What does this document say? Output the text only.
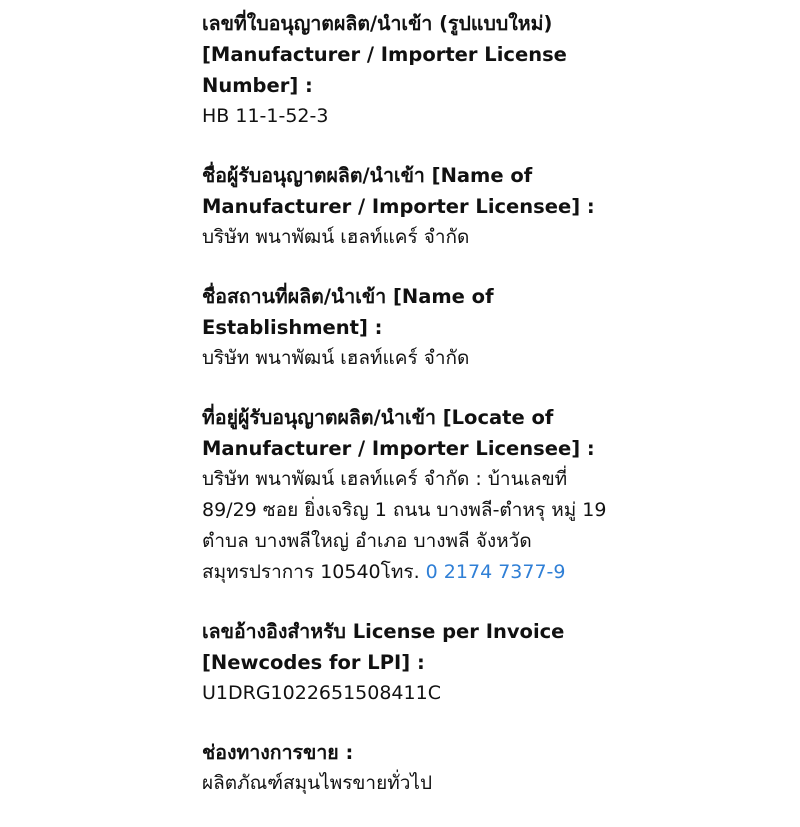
เลขที่ใบอนุญาตผลิต/นำเข้า (รูปแบบใหม่)

[Manufacturer / Importer License

Number] :

HB 11-1-52-3

ชื่อผู้รับอนุญาตผลิต/นำเข้า [Name of

Manufacturer / Importer Licensee] :

บริษัท พนาพัฒน์ เฮลท์แคร์ จำกัด

ชื่อสถานที่ผลิต/นำเข้า [Name of

Establishment] :

บริษัท พนาพัฒน์ เฮลท์แคร์ จำกัด

ที่อยู่ผู้รับอนุญาตผลิต/นำเข้า [Locate of

Manufacturer / Importer Licensee] :

บริษัท พนาพัฒน์ เฮลท์แคร์ จำกัด : บ้านเลขที่

89/29 ซอย ยิ่งเจริญ 1 ถนน บางพลี-ตำหรุ หมู่ 19

ตำบล บางพลีใหญ่ อำเภอ บางพลี จังหวัด

สมุทรปราการ 10540โทร. 0 2174 7377-9

เลขอ้างอิงสำหรับ License per Invoice

[Newcodes for LPI] :

U1DRG1022651508411C

ช่องทางการขาย :

ผลิตภัณฑ์สมุนไพรขายทั่วไป
